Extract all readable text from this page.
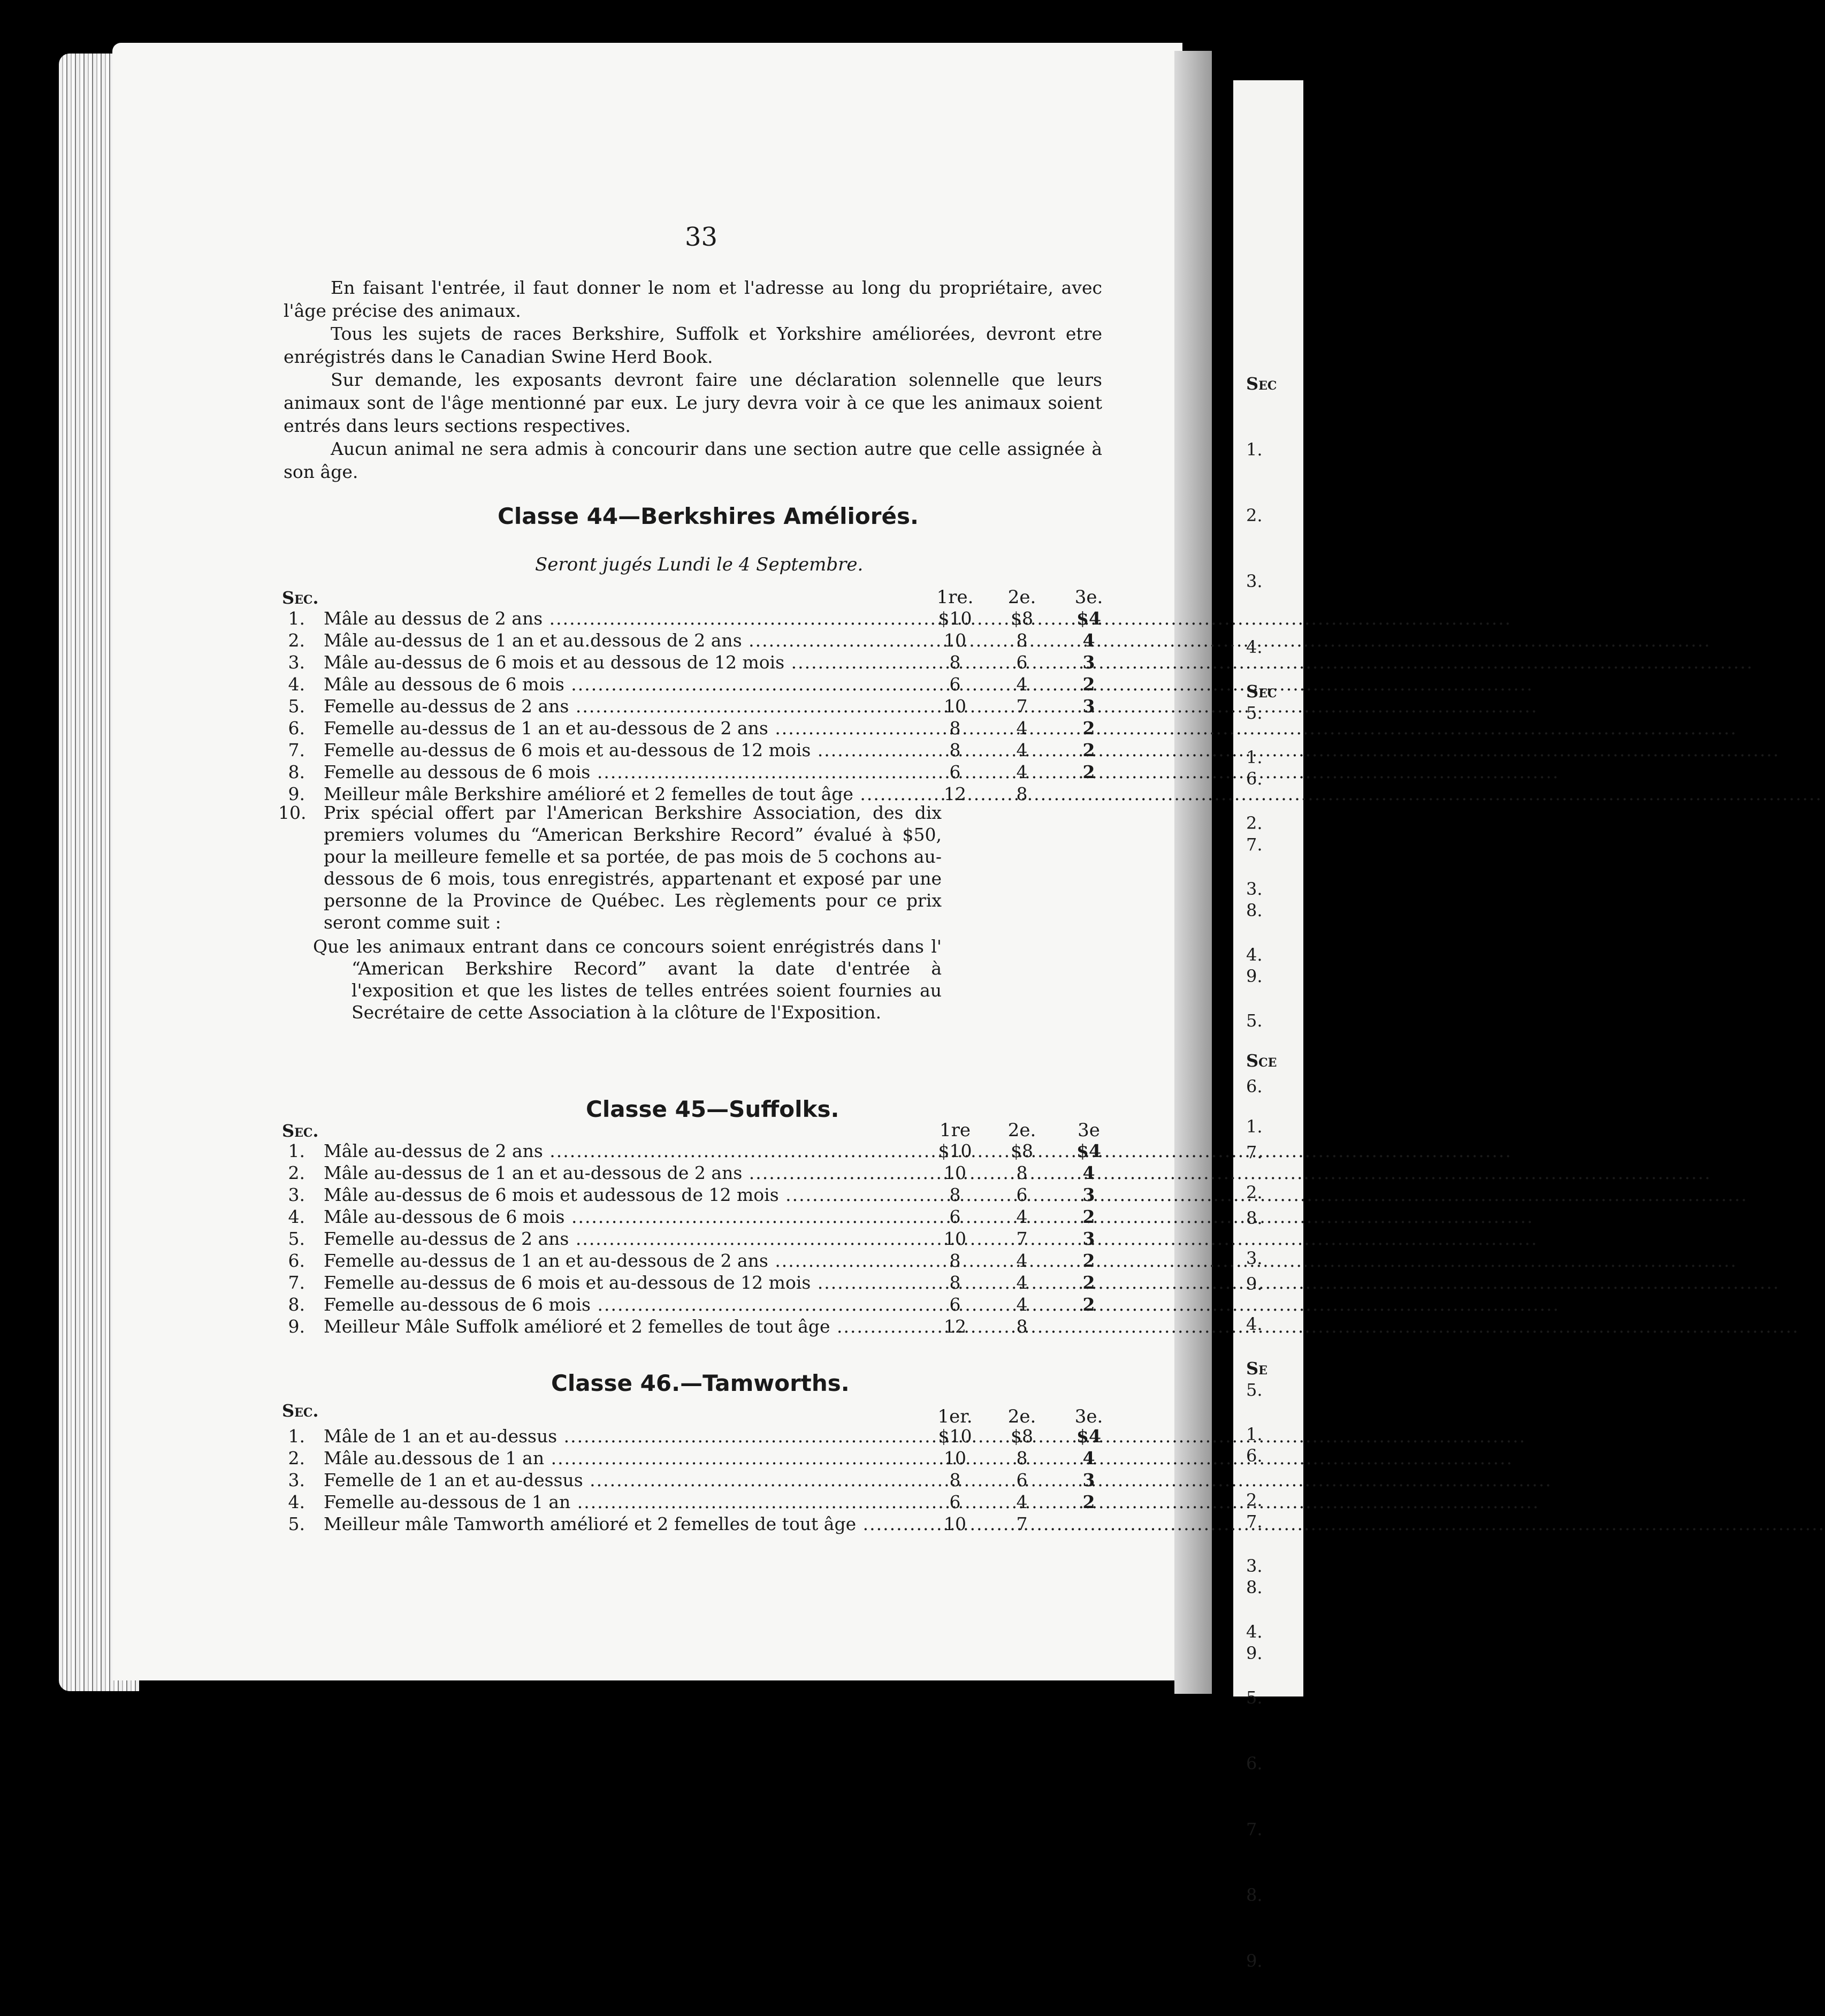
Sec

1.

2.

3.

4.

5.

6.

7.

8.

9.

Sec

1.

2.

3.

4.

5.

6.

7.

8.

9.

Sce

1.

2.

3.

4.

5.

6.

7.

8.

9.

Se

1.

2.

3.

4.

5.

6.

7.

8.

9.

33

En faisant l'entrée, il faut donner le nom et l'adresse au long du propriétaire, avec l'âge précise des animaux.

Tous les sujets de races Berkshire, Suffolk et Yorkshire améliorées, devront etre enrégistrés dans le Canadian Swine Herd Book.

Sur demande, les exposants devront faire une déclaration solennelle que leurs animaux sont de l'âge mentionné par eux. Le jury devra voir à ce que les animaux soient entrés dans leurs sections respectives.

Aucun animal ne sera admis à concourir dans une section autre que celle assignée à son âge.

Classe 44—Berkshires Améliorés.
Seront jugés Lundi le 4 Septembre.
Sec.	1re.	2e.	3e.
1. Mâle au dessus de 2 ans .....	$10	$8	$4
2. Mâle au-dessus de 1 an et au.dessous de 2 ans .....	10	8	4
3. Mâle au-dessus de 6 mois et au dessous de 12 mois .....	8	6	3
4. Mâle au dessous de 6 mois .....	6	4	2
5. Femelle au-dessus de 2 ans .....	10	7	3
6. Femelle au-dessus de 1 an et au-dessous de 2 ans .....	8	4	2
7. Femelle au-dessus de 6 mois et au-dessous de 12 mois .....	8	4	2
8. Femelle au dessous de 6 mois .....	6	4	2
9. Meilleur mâle Berkshire amélioré et 2 femelles de tout âge .....	12	8
10. Prix spécial offert par l'American Berkshire Association, des dix premiers volumes du “American Berkshire Record” évalué à $50, pour la meilleure femelle et sa portée, de pas mois de 5 cochons au-dessous de 6 mois, tous enregistrés, appartenant et exposé par une personne de la Province de Québec. Les règlements pour ce prix seront comme suit :
Que les animaux entrant dans ce concours soient enrégistrés dans l' “American Berkshire Record” avant la date d'entrée à l'exposition et que les listes de telles entrées soient fournies au Secrétaire de cette Association à la clôture de l'Exposition.
Classe 45—Suffolks.
Sec.	1re	2e.	3e
1. Mâle au-dessus de 2 ans .....	$10	$8	$4
2. Mâle au-dessus de 1 an et au-dessous de 2 ans .....	10	8	4
3. Mâle au-dessus de 6 mois et audessous de 12 mois .....	8	6	3
4. Mâle au-dessous de 6 mois .....	6	4	2
5. Femelle au-dessus de 2 ans .....	10	7	3
6. Femelle au-dessus de 1 an et au-dessous de 2 ans .....	8	4	2
7. Femelle au-dessus de 6 mois et au-dessous de 12 mois .....	8	4	2
8. Femelle au-dessous de 6 mois .....	6	4	2
9. Meilleur Mâle Suffolk amélioré et 2 femelles de tout âge .....	12	8
Classe 46.—Tamworths.
Sec.	1er.	2e.	3e.
1. Mâle de 1 an et au-dessus .....	$10	$8	$4
2. Mâle au.dessous de 1 an .....	10	8	4
3. Femelle de 1 an et au-dessus .....	8	6	3
4. Femelle au-dessous de 1 an .....	6	4	2
5. Meilleur mâle Tamworth amélioré et 2 femelles de tout âge .....	10	7
